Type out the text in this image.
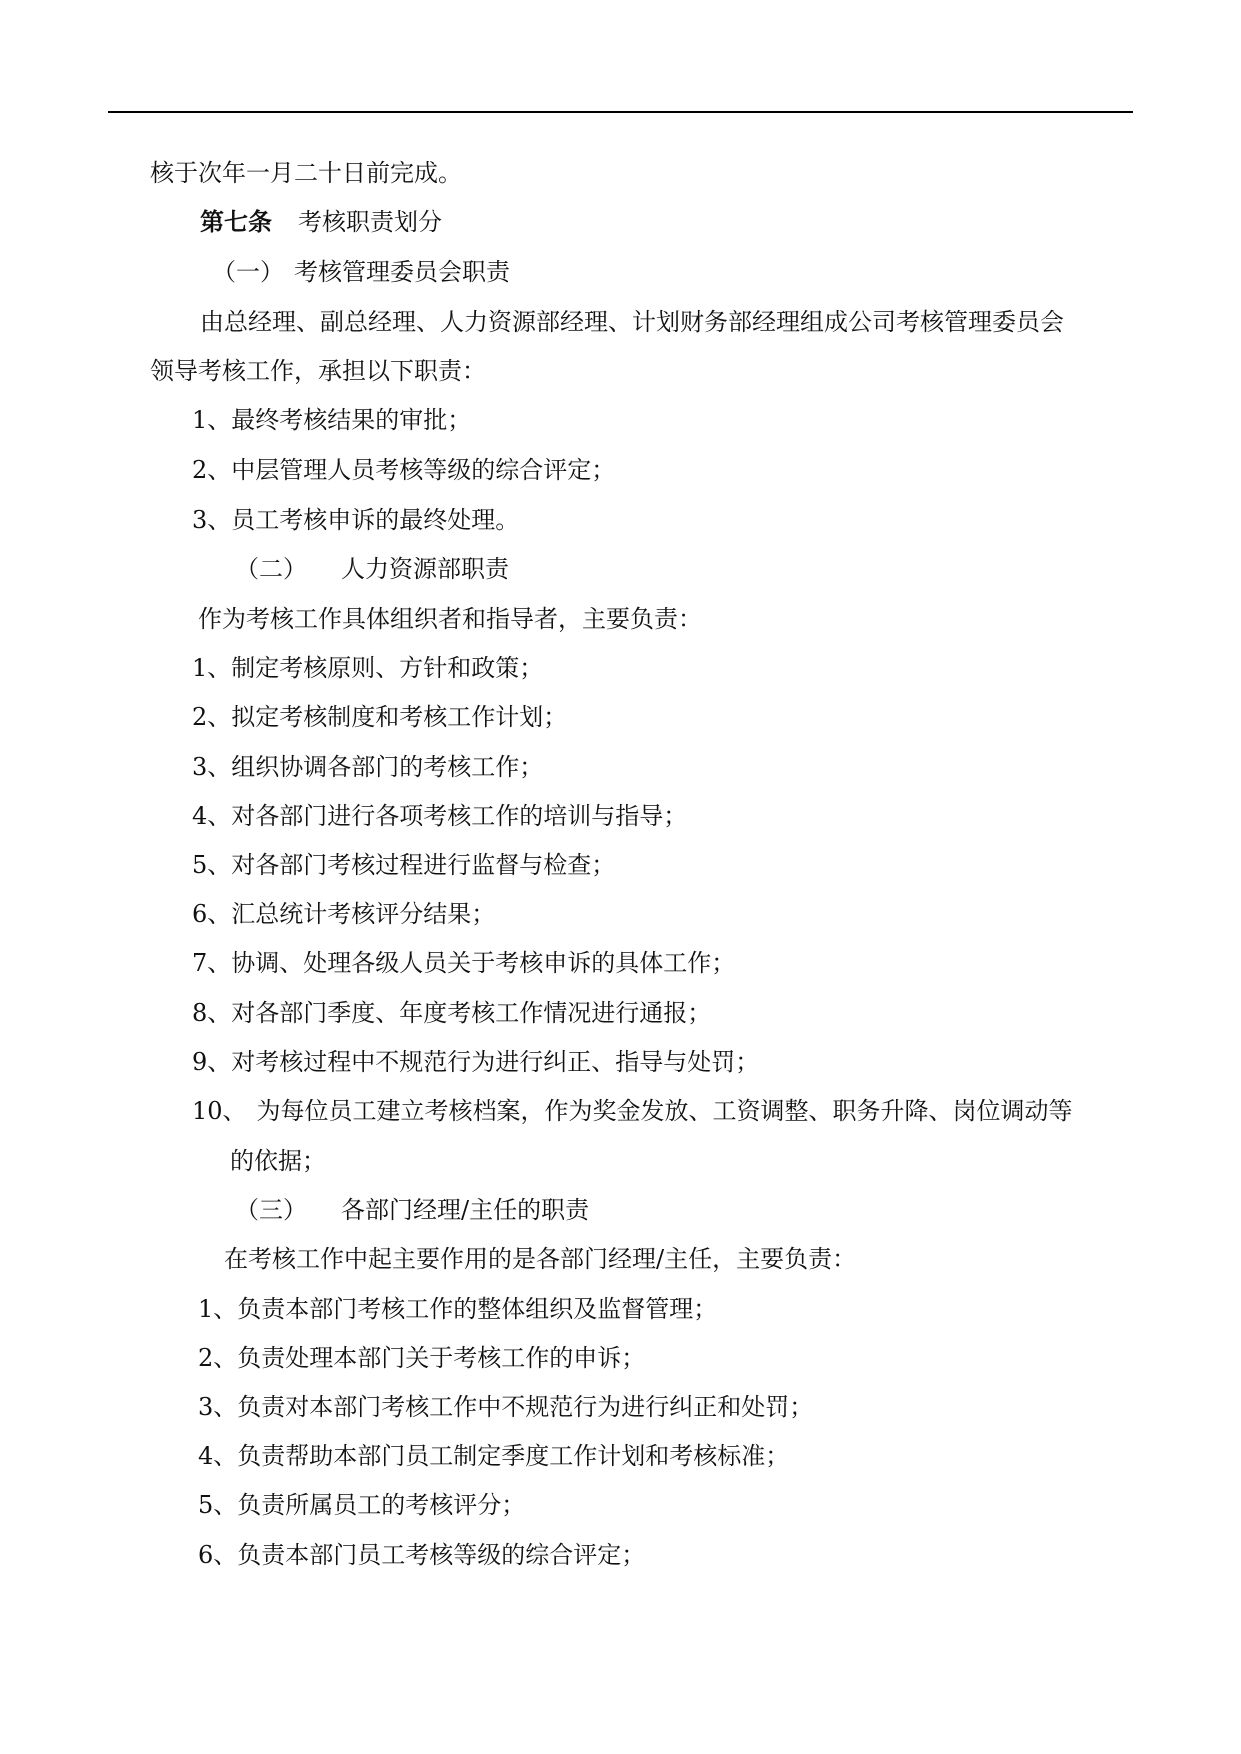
核于次年一月二十日前完成。
第七条 考核职责划分
（一） 考核管理委员会职责
由总经理、副总经理、人力资源部经理、计划财务部经理组成公司考核管理委员会
领导考核工作，承担以下职责：
1、最终考核结果的审批；
2、中层管理人员考核等级的综合评定；
3、员工考核申诉的最终处理。
（二） 人力资源部职责
作为考核工作具体组织者和指导者，主要负责：
1、制定考核原则、方针和政策；
2、拟定考核制度和考核工作计划；
3、组织协调各部门的考核工作；
4、对各部门进行各项考核工作的培训与指导；
5、对各部门考核过程进行监督与检查；
6、汇总统计考核评分结果；
7、协调、处理各级人员关于考核申诉的具体工作；
8、对各部门季度、年度考核工作情况进行通报；
9、对考核过程中不规范行为进行纠正、指导与处罚；
10、 为每位员工建立考核档案，作为奖金发放、工资调整、职务升降、岗位调动等
的依据；
（三） 各部门经理/主任的职责
在考核工作中起主要作用的是各部门经理/主任，主要负责：
1、负责本部门考核工作的整体组织及监督管理；
2、负责处理本部门关于考核工作的申诉；
3、负责对本部门考核工作中不规范行为进行纠正和处罚；
4、负责帮助本部门员工制定季度工作计划和考核标准；
5、负责所属员工的考核评分；
6、负责本部门员工考核等级的综合评定；
